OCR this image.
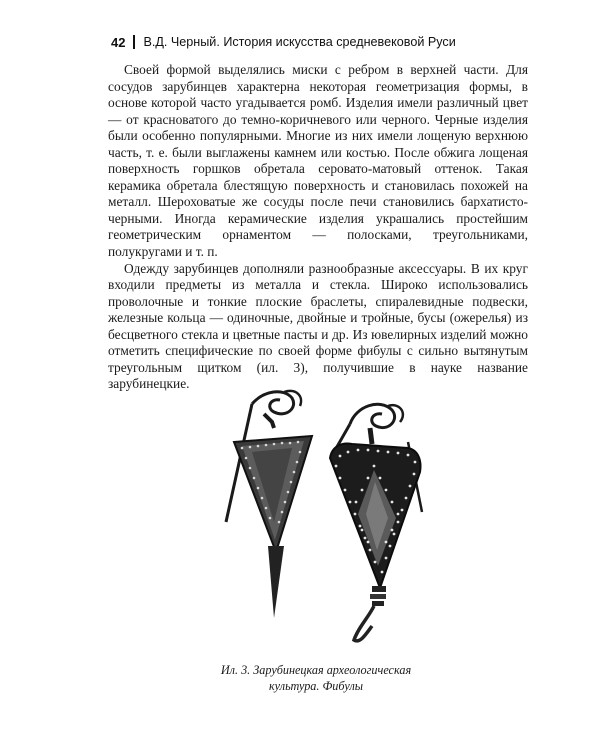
42 В.Д. Черный. История искусства средневековой Руси

Своей формой выделялись миски с ребром в верхней части. Для сосудов зарубинцев характерна некоторая геометризация формы, в основе которой часто угадывается ромб. Изделия имели различный цвет — от красноватого до темно-коричневого или черного. Черные изделия были особенно популярными. Многие из них имели лощеную верхнюю часть, т. е. были выглажены камнем или костью. После обжига лощеная поверхность горшков обретала серовато-матовый оттенок. Такая керамика обретала блестящую поверхность и становилась похожей на металл. Шероховатые же сосуды после печи становились бархатисто-черными. Иногда керамические изделия украшались простейшим геометрическим орнаментом — полосками, треугольниками, полукругами и т. п.

Одежду зарубинцев дополняли разнообразные аксессуары. В их круг входили предметы из металла и стекла. Широко использовались проволочные и тонкие плоские браслеты, спиралевидные подвески, железные кольца — одиночные, двойные и тройные, бусы (ожерелья) из бесцветного стекла и цветные пасты и др. Из ювелирных изделий можно отметить специфические по своей форме фибулы с сильно вытянутым треугольным щитком (ил. 3), получившие в науке название зарубинецкие.

Ил. 3. Зарубинецкая археологическая
культура. Фибулы
